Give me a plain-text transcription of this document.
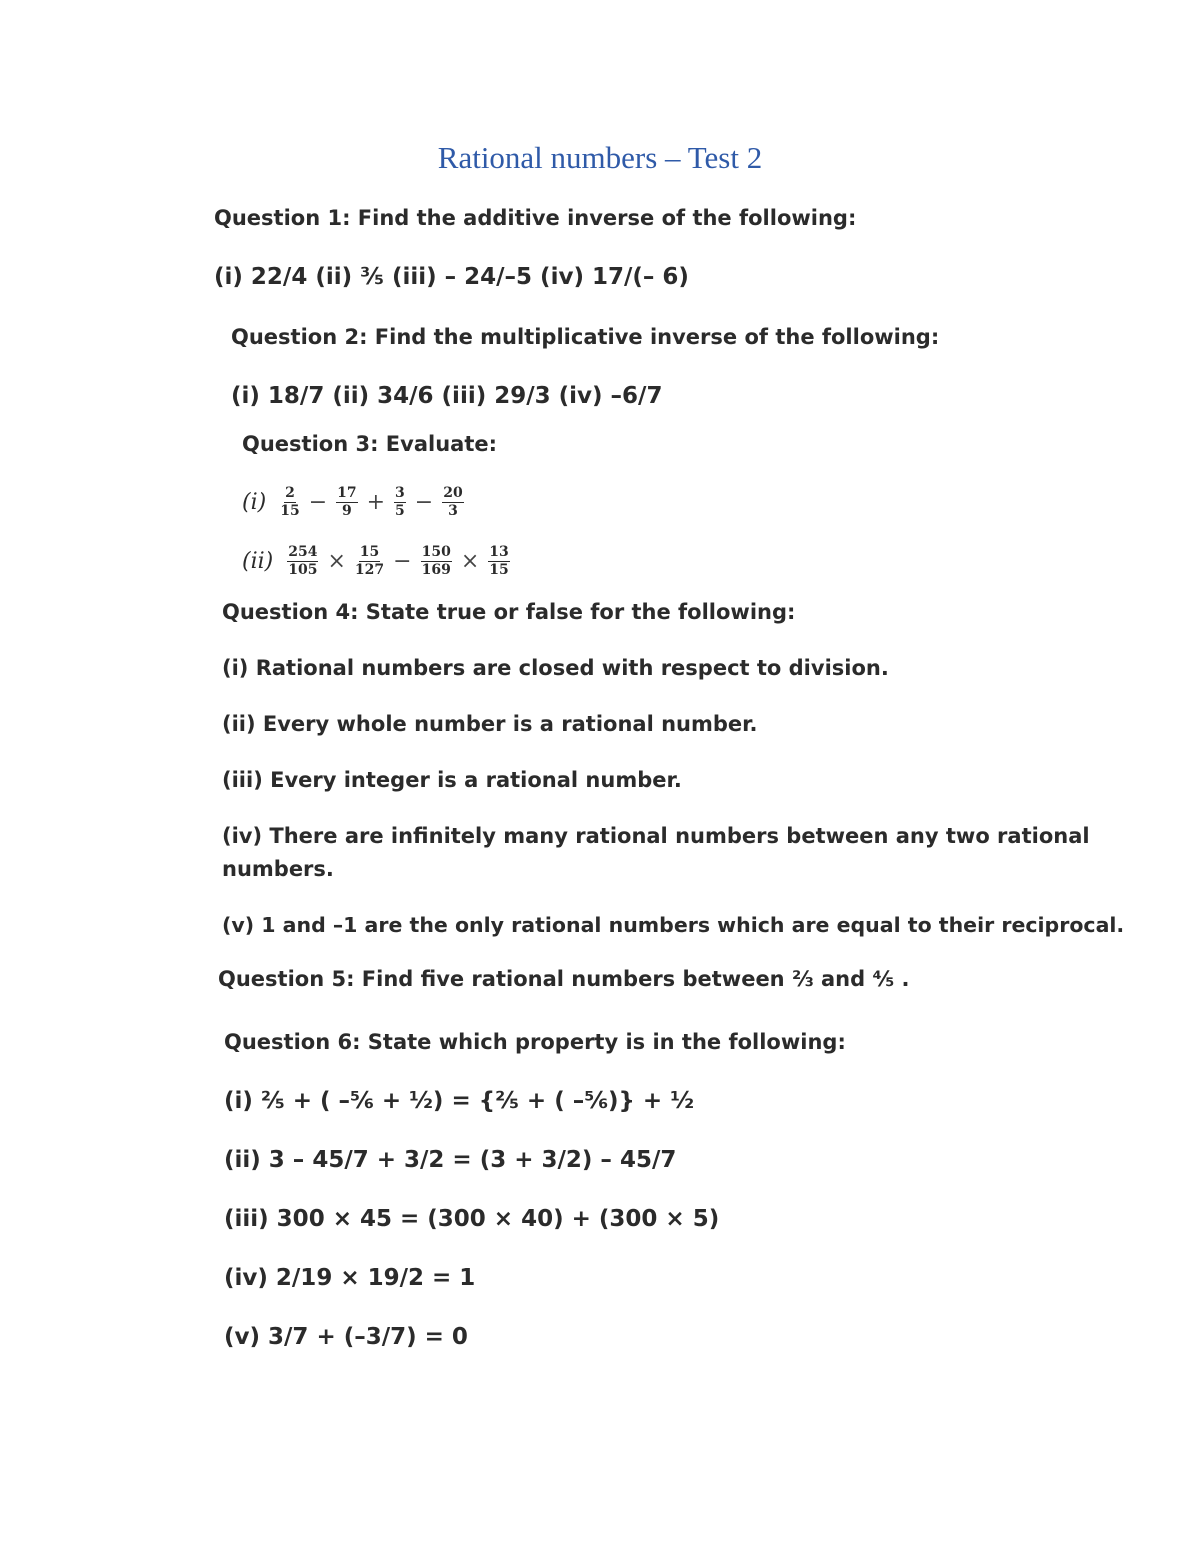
Rational numbers – Test 2
Question 1: Find the additive inverse of the following:
(i) 22/4 (ii) ⅗ (iii) – 24/–5 (iv) 17/(– 6)
Question 2: Find the multiplicative inverse of the following:
(i) 18/7 (ii) 34/6 (iii) 29/3 (iv) –6/7
Question 3: Evaluate:
$(i) \frac{2}{15} - \frac{17}{9} + \frac{3}{5} - \frac{20}{3}$
$(ii) \frac{254}{105} \times \frac{15}{127} - \frac{150}{169} \times \frac{13}{15}$
Question 4: State true or false for the following:
(i) Rational numbers are closed with respect to division.
(ii) Every whole number is a rational number.
(iii) Every integer is a rational number.
(iv) There are infinitely many rational numbers between any two rational numbers.
(v) 1 and –1 are the only rational numbers which are equal to their reciprocal.
Question 5: Find five rational numbers between ⅔ and ⅘ .
Question 6: State which property is in the following:
(i) ⅖ + ( –⅚ + ½) = {⅖ + ( –⅚)} + ½
(ii) 3 – 45/7 + 3/2 = (3 + 3/2) – 45/7
(iii) 300 × 45 = (300 × 40) + (300 × 5)
(iv) 2/19 × 19/2 = 1
(v) 3/7 + (–3/7) = 0
